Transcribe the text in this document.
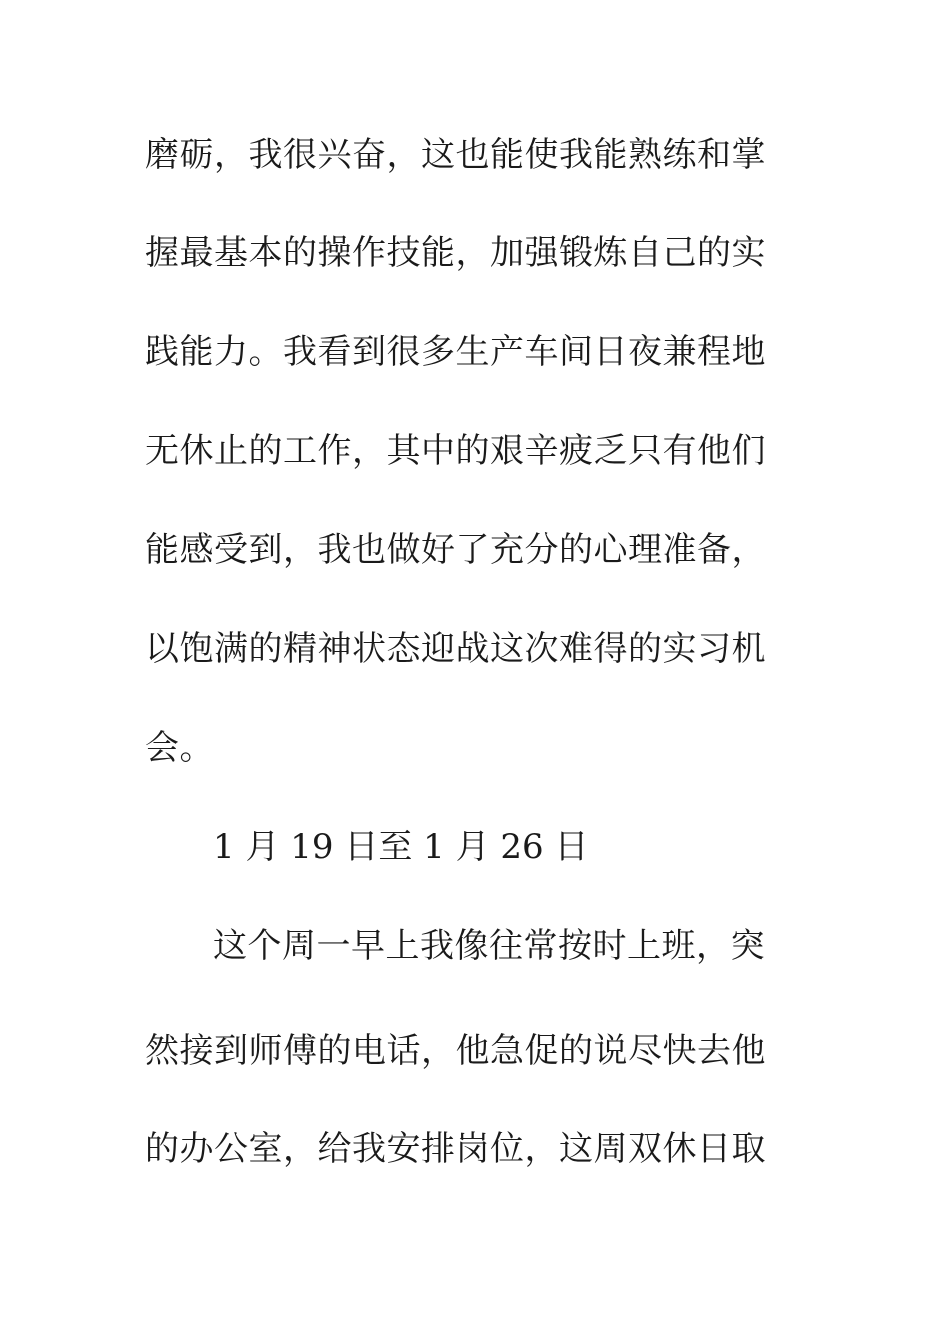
磨砺，我很兴奋，这也能使我能熟练和掌
握最基本的操作技能，加强锻炼自己的实
践能力。我看到很多生产车间日夜兼程地
无休止的工作，其中的艰辛疲乏只有他们
能感受到，我也做好了充分的心理准备，
以饱满的精神状态迎战这次难得的实习机
会。
1 月 19 日至 1 月 26 日
这个周一早上我像往常按时上班，突
然接到师傅的电话，他急促的说尽快去他
的办公室，给我安排岗位，这周双休日取
